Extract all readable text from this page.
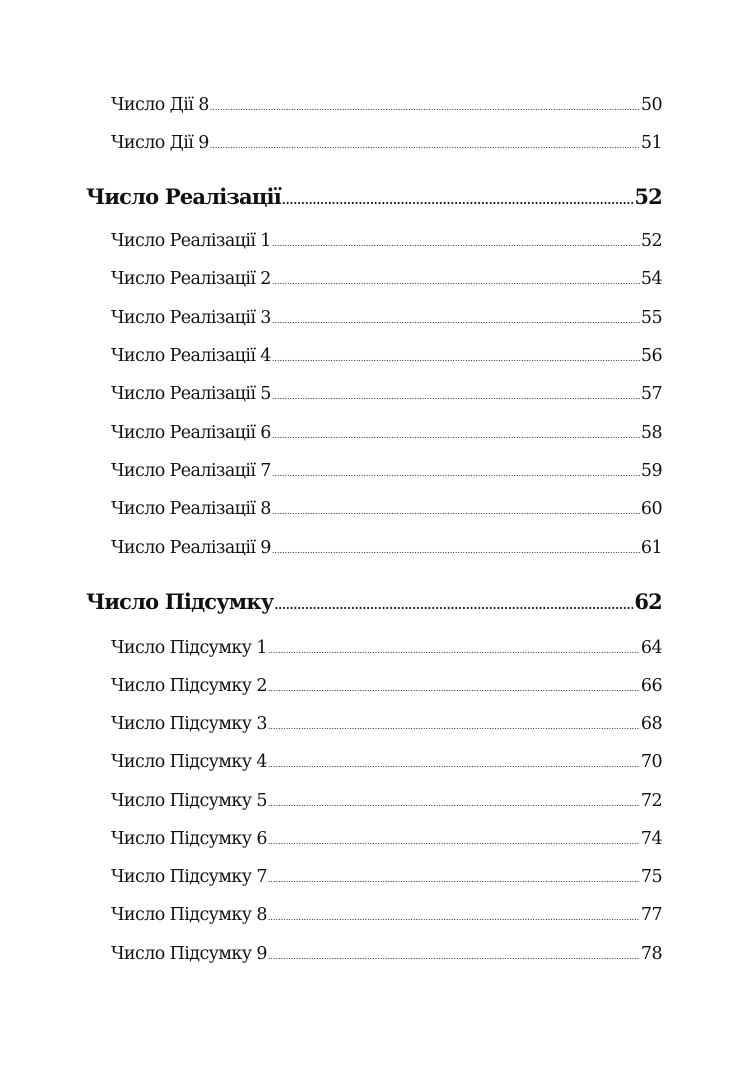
Число Дії 8 .....	50
Число Дії 9 .....	51
Число Реалізації .....	52
Число Реалізації 1 .....	52
Число Реалізації 2 .....	54
Число Реалізації 3 .....	55
Число Реалізації 4 .....	56
Число Реалізації 5 .....	57
Число Реалізації 6 .....	58
Число Реалізації 7 .....	59
Число Реалізації 8 .....	60
Число Реалізації 9 .....	61
Число Підсумку .....	62
Число Підсумку 1 .....	64
Число Підсумку 2 .....	66
Число Підсумку 3 .....	68
Число Підсумку 4 .....	70
Число Підсумку 5 .....	72
Число Підсумку 6 .....	74
Число Підсумку 7 .....	75
Число Підсумку 8 .....	77
Число Підсумку 9 .....	78
